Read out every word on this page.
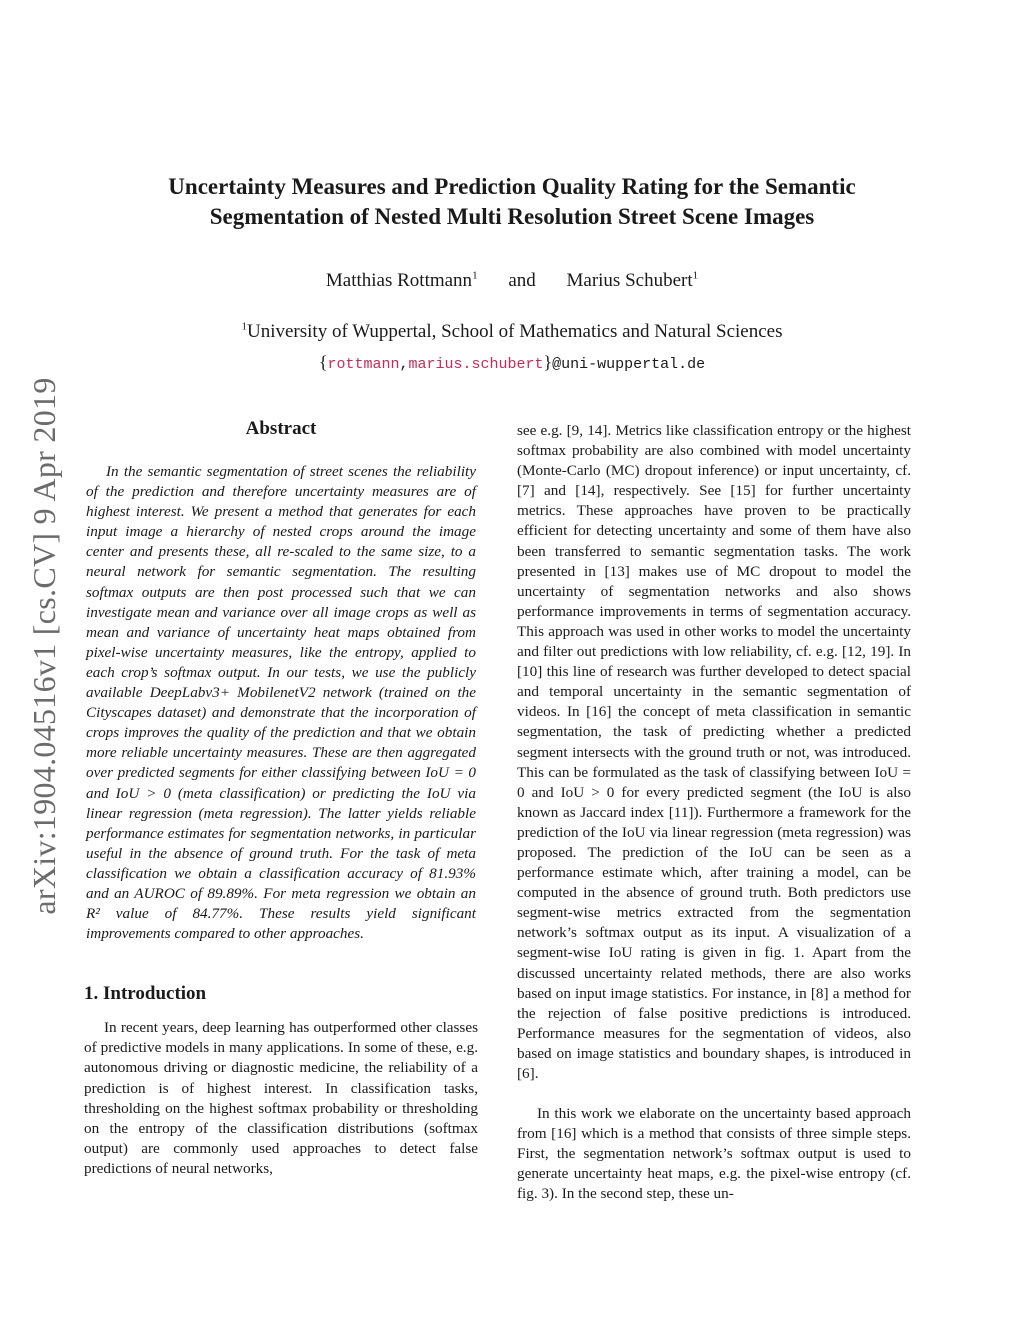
arXiv:1904.04516v1 [cs.CV] 9 Apr 2019
Uncertainty Measures and Prediction Quality Rating for the Semantic
Segmentation of Nested Multi Resolution Street Scene Images
Matthias Rottmann$^1$ and Marius Schubert$^1$
$^1$University of Wuppertal, School of Mathematics and Natural Sciences
{rottmann,marius.schubert}@uni-wuppertal.de
Abstract

In the semantic segmentation of street scenes the reliability of the prediction and therefore uncertainty measures are of highest interest. We present a method that generates for each input image a hierarchy of nested crops around the image center and presents these, all re-scaled to the same size, to a neural network for semantic segmentation. The resulting softmax outputs are then post processed such that we can investigate mean and variance over all image crops as well as mean and variance of uncertainty heat maps obtained from pixel-wise uncertainty measures, like the entropy, applied to each crop’s softmax output. In our tests, we use the publicly available DeepLabv3+ MobilenetV2 network (trained on the Cityscapes dataset) and demonstrate that the incorporation of crops improves the quality of the prediction and that we obtain more reliable uncertainty measures. These are then aggregated over predicted segments for either classifying between IoU = 0 and IoU > 0 (meta classification) or predicting the IoU via linear regression (meta regression). The latter yields reliable performance estimates for segmentation networks, in particular useful in the absence of ground truth. For the task of meta classification we obtain a classification accuracy of 81.93% and an AUROC of 89.89%. For meta regression we obtain an R² value of 84.77%. These results yield significant improvements compared to other approaches.

1. Introduction

In recent years, deep learning has outperformed other classes of predictive models in many applications. In some of these, e.g. autonomous driving or diagnostic medicine, the reliability of a prediction is of highest interest. In classification tasks, thresholding on the highest softmax probability or thresholding on the entropy of the classification distributions (softmax output) are commonly used approaches to detect false predictions of neural networks,

see e.g. [9, 14]. Metrics like classification entropy or the highest softmax probability are also combined with model uncertainty (Monte-Carlo (MC) dropout inference) or input uncertainty, cf. [7] and [14], respectively. See [15] for further uncertainty metrics. These approaches have proven to be practically efficient for detecting uncertainty and some of them have also been transferred to semantic segmentation tasks. The work presented in [13] makes use of MC dropout to model the uncertainty of segmentation networks and also shows performance improvements in terms of segmentation accuracy. This approach was used in other works to model the uncertainty and filter out predictions with low reliability, cf. e.g. [12, 19]. In [10] this line of research was further developed to detect spacial and temporal uncertainty in the semantic segmentation of videos. In [16] the concept of meta classification in semantic segmentation, the task of predicting whether a predicted segment intersects with the ground truth or not, was introduced. This can be formulated as the task of classifying between IoU = 0 and IoU > 0 for every predicted segment (the IoU is also known as Jaccard index [11]). Furthermore a framework for the prediction of the IoU via linear regression (meta regression) was proposed. The prediction of the IoU can be seen as a performance estimate which, after training a model, can be computed in the absence of ground truth. Both predictors use segment-wise metrics extracted from the segmentation network’s softmax output as its input. A visualization of a segment-wise IoU rating is given in fig. 1. Apart from the discussed uncertainty related methods, there are also works based on input image statistics. For instance, in [8] a method for the rejection of false positive predictions is introduced. Performance measures for the segmentation of videos, also based on image statistics and boundary shapes, is introduced in [6].

In this work we elaborate on the uncertainty based approach from [16] which is a method that consists of three simple steps. First, the segmentation network’s softmax output is used to generate uncertainty heat maps, e.g. the pixel-wise entropy (cf. fig. 3). In the second step, these un-
